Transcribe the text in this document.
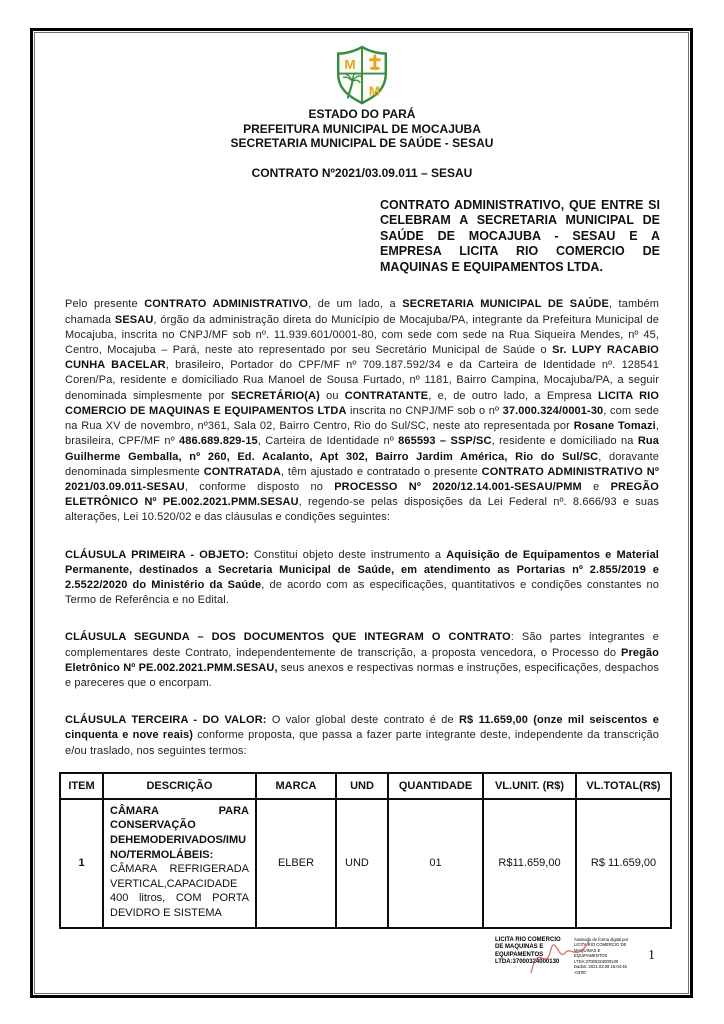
M
M
ESTADO DO PARÁ
PREFEITURA MUNICIPAL DE MOCAJUBA
SECRETARIA MUNICIPAL DE SAÚDE - SESAU
CONTRATO Nº2021/03.09.011 – SESAU

CONTRATO ADMINISTRATIVO, QUE ENTRE SI CELEBRAM A SECRETARIA MUNICIPAL DE SAÚDE DE MOCAJUBA - SESAU E A EMPRESA LICITA RIO COMERCIO DE MAQUINAS E EQUIPAMENTOS LTDA.

Pelo presente CONTRATO ADMINISTRATIVO, de um lado, a SECRETARIA MUNICIPAL DE SAÚDE, também chamada SESAU, órgão da administração direta do Município de Mocajuba/PA, integrante da Prefeitura Municipal de Mocajuba, inscrita no CNPJ/MF sob nº. 11.939.601/0001-80, com sede com sede na Rua Siqueira Mendes, nº 45, Centro, Mocajuba – Pará, neste ato representado por seu Secretário Municipal de Saúde o Sr. LUPY RACABIO CUNHA BACELAR, brasileiro, Portador do CPF/MF nº 709.187.592/34 e da Carteira de Identidade nº. 128541 Coren/Pa, residente e domiciliado Rua Manoel de Sousa Furtado, nº 1181, Bairro Campina, Mocajuba/PA, a seguir denominada simplesmente por SECRETÁRIO(A) ou CONTRATANTE, e, de outro lado, a Empresa LICITA RIO COMERCIO DE MAQUINAS E EQUIPAMENTOS LTDA inscrita no CNPJ/MF sob o nº 37.000.324/0001-30, com sede na Rua XV de novembro, nº361, Sala 02, Bairro Centro, Rio do Sul/SC, neste ato representada por Rosane Tomazi, brasileira, CPF/MF nº 486.689.829-15, Carteira de Identidade nº 865593 – SSP/SC, residente e domiciliado na Rua Guilherme Gemballa, nº 260, Ed. Acalanto, Apt 302, Bairro Jardim América, Rio do Sul/SC, doravante denominada simplesmente CONTRATADA, têm ajustado e contratado o presente CONTRATO ADMINISTRATIVO Nº 2021/03.09.011-SESAU, conforme disposto no PROCESSO Nº 2020/12.14.001-SESAU/PMM e PREGÃO ELETRÔNICO Nº PE.002.2021.PMM.SESAU, regendo-se pelas disposições da Lei Federal nº. 8.666/93 e suas alterações, Lei 10.520/02 e das cláusulas e condições seguintes:

CLÁUSULA PRIMEIRA - OBJETO: Constitui objeto deste instrumento a Aquisição de Equipamentos e Material Permanente, destinados a Secretaria Municipal de Saúde, em atendimento as Portarias nº 2.855/2019 e 2.5522/2020 do Ministério da Saúde, de acordo com as especificações, quantitativos e condições constantes no Termo de Referência e no Edital.

CLÁUSULA SEGUNDA – DOS DOCUMENTOS QUE INTEGRAM O CONTRATO: São partes integrantes e complementares deste Contrato, independentemente de transcrição, a proposta vencedora, o Processo do Pregão Eletrônico Nº PE.002.2021.PMM.SESAU, seus anexos e respectivas normas e instruções, especificações, despachos e pareceres que o encorpam.

CLÁUSULA TERCEIRA - DO VALOR: O valor global deste contrato é de R$ 11.659,00 (onze mil seiscentos e cinquenta e nove reais) conforme proposta, que passa a fazer parte integrante deste, independente da transcrição e/ou traslado, nos seguintes termos:

ITEM	DESCRIÇÃO	MARCA	UND	QUANTIDADE	VL.UNIT. (R$)	VL.TOTAL(R$)
1	CÂMARA PARA CONSERVAÇÃO DEHEMODERIVADOS/IMUNO/TERMOLÁBEIS: CÂMARA REFRIGERADA VERTICAL,CAPACIDADE 400 litros, COM PORTA DEVIDRO E SISTEMA	ELBER	UND	01	R$11.659,00	R$ 11.659,00
LICITA RIO COMERCIO
DE MAQUINAS E
EQUIPAMENTOS
LTDA:37000324000130
Assinado de forma digital por
LICITA RIO COMERCIO DE
MAQUINAS E EQUIPAMENTOS
LTDA:37000324000130
Dados: 2021.03.09 15:04:45
-03'00'
1
